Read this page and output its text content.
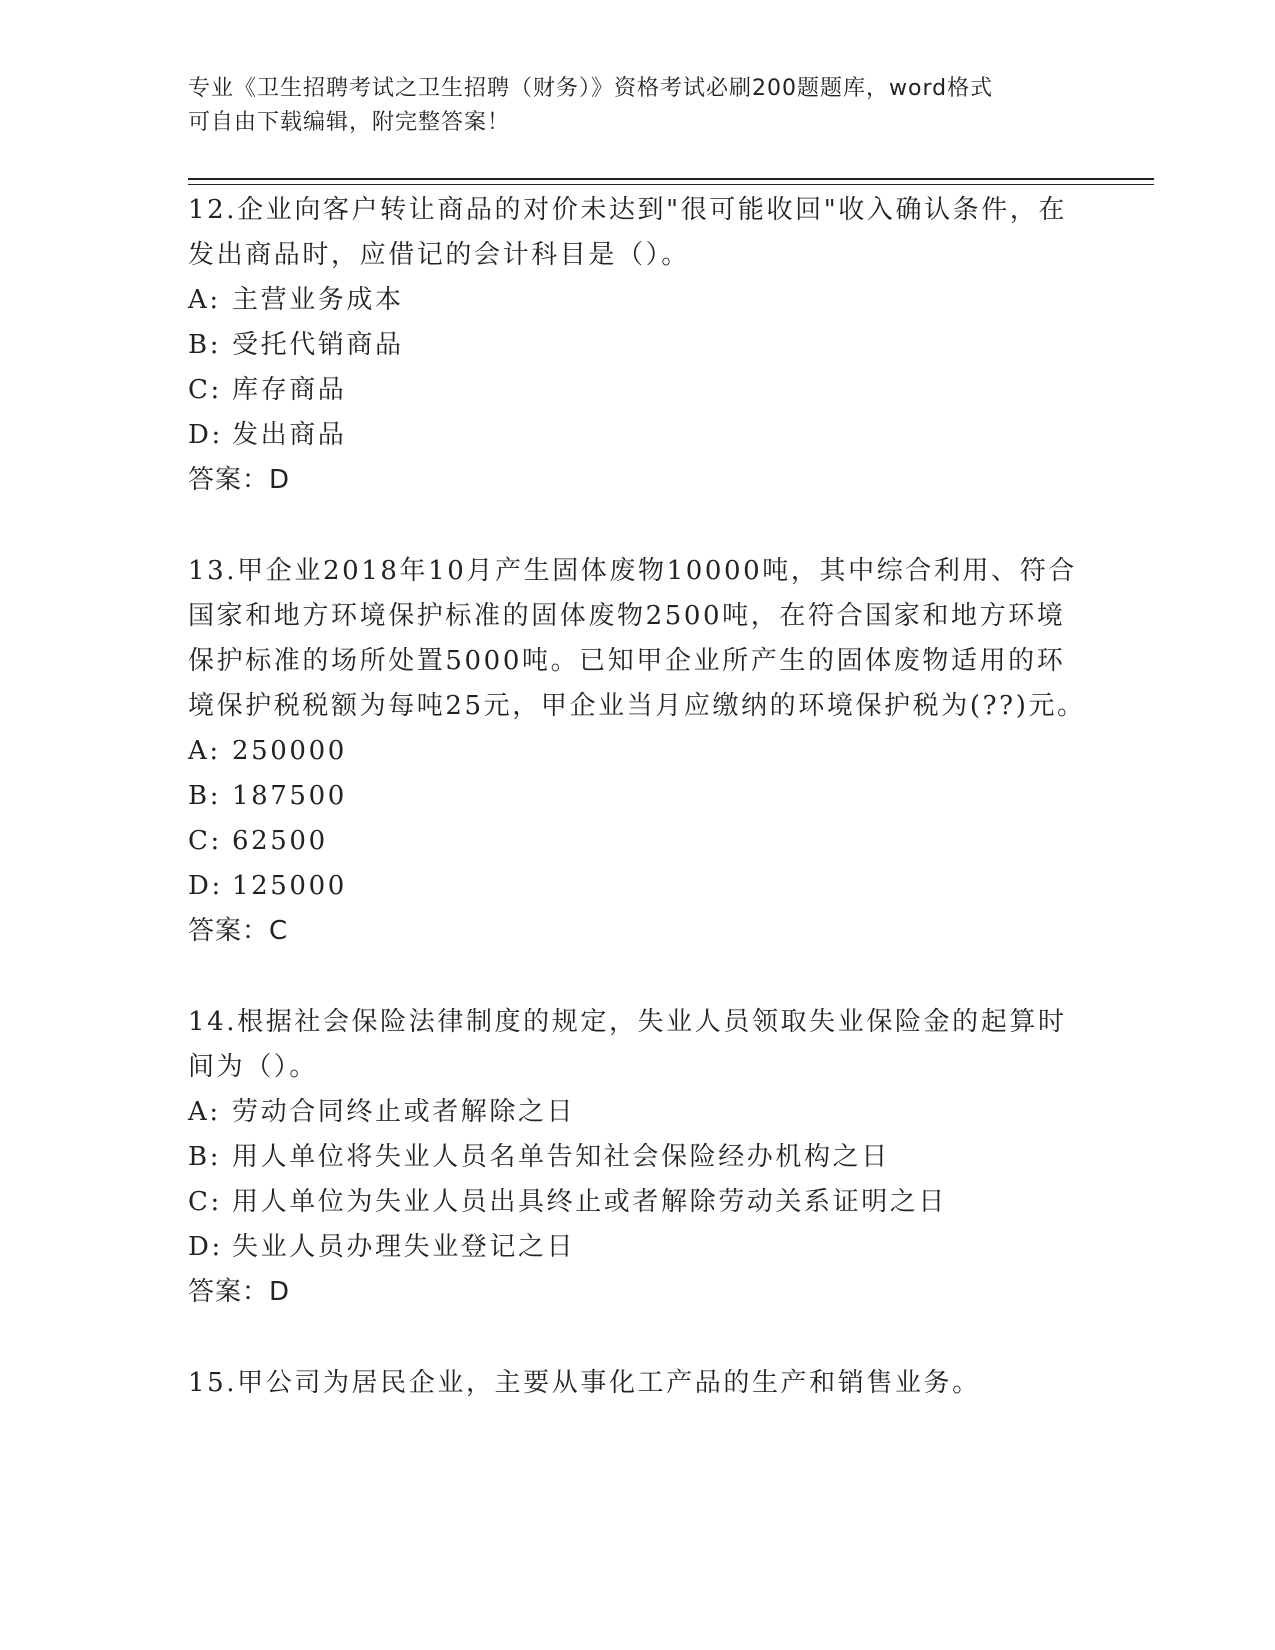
专业《卫生招聘考试之卫生招聘（财务）》资格考试必刷200题题库，word格式
可自由下载编辑，附完整答案！

12.企业向客户转让商品的对价未达到"很可能收回"收入确认条件，在发出商品时，应借记的会计科目是（）。

A: 主营业务成本

B: 受托代销商品

C: 库存商品

D: 发出商品

答案：D

13.甲企业2018年10月产生固体废物10000吨，其中综合利用、符合国家和地方环境保护标准的固体废物2500吨，在符合国家和地方环境保护标准的场所处置5000吨。已知甲企业所产生的固体废物适用的环境保护税税额为每吨25元，甲企业当月应缴纳的环境保护税为(??)元。

A: 250000

B: 187500

C: 62500

D: 125000

答案：C

14.根据社会保险法律制度的规定，失业人员领取失业保险金的起算时间为（）。

A: 劳动合同终止或者解除之日

B: 用人单位将失业人员名单告知社会保险经办机构之日

C: 用人单位为失业人员出具终止或者解除劳动关系证明之日

D: 失业人员办理失业登记之日

答案：D

15.甲公司为居民企业，主要从事化工产品的生产和销售业务。
